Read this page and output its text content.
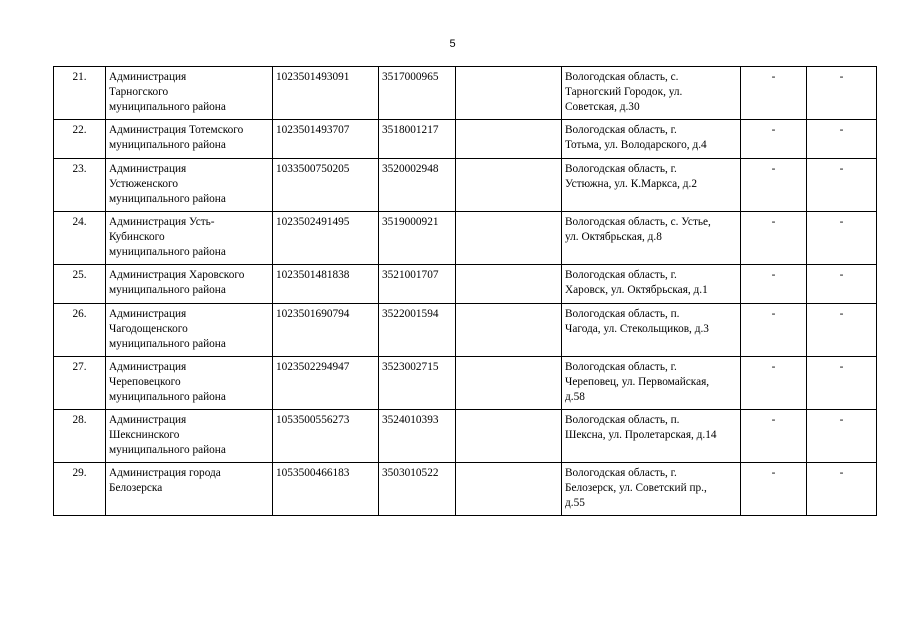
5
21.	Администрация
Тарногского
муниципального района	1023501493091	3517000965		Вологодская область, с.
Тарногский Городок, ул.
Советская, д.30	-	-
22.	Администрация Тотемского
муниципального района	1023501493707	3518001217		Вологодская область, г.
Тотьма, ул. Володарского, д.4	-	-
23.	Администрация
Устюженского
муниципального района	1033500750205	3520002948		Вологодская область, г.
Устюжна, ул. К.Маркса, д.2	-	-
24.	Администрация Усть-
Кубинского
муниципального района	1023502491495	3519000921		Вологодская область, с. Устье,
ул. Октябрьская, д.8	-	-
25.	Администрация Харовского
муниципального района	1023501481838	3521001707		Вологодская область, г.
Харовск, ул. Октябрьская, д.1	-	-
26.	Администрация
Чагодощенского
муниципального района	1023501690794	3522001594		Вологодская область, п.
Чагода, ул. Стекольщиков, д.3	-	-
27.	Администрация
Череповецкого
муниципального района	1023502294947	3523002715		Вологодская область, г.
Череповец, ул. Первомайская,
д.58	-	-
28.	Администрация
Шекснинского
муниципального района	1053500556273	3524010393		Вологодская область, п.
Шексна, ул. Пролетарская, д.14	-	-
29.	Администрация города
Белозерска	1053500466183	3503010522		Вологодская область, г.
Белозерск, ул. Советский пр.,
д.55	-	-
